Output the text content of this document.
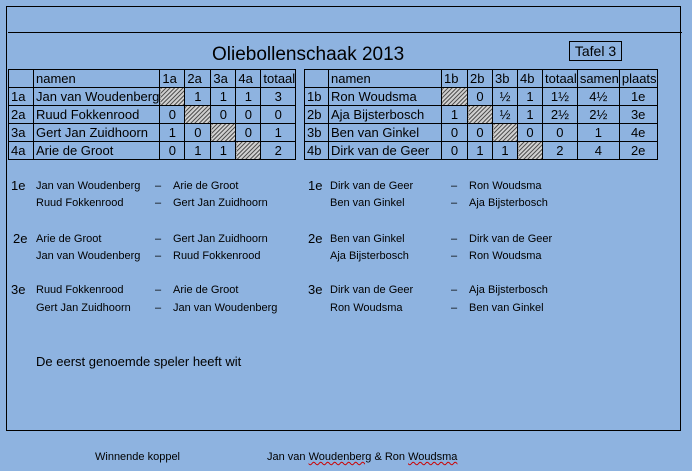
Oliebollenschaak 2013	Tafel 3
	namen	1a	2a	3a	4a	totaal
1a	Jan van Woudenberg		1	1	1	3
2a	Ruud Fokkenrood	0		0	0	0
3a	Gert Jan Zuidhoorn	1	0		0	1
4a	Arie de Groot	0	1	1		2
	namen	1b	2b	3b	4b	totaal	samen	plaats
1b	Ron Woudsma		0	½	1	1½	4½	1e
2b	Aja Bijsterbosch	1		½	1	2½	2½	3e
3b	Ben van Ginkel	0	0		0	0	1	4e
4b	Dirk van de Geer	0	1	1		2	4	2e
1e Jan van Woudenberg – Arie de Groot
Ruud Fokkenrood	– Gert Jan Zuidhoorn
1e Dirk van de Geer	– Ron Woudsma
Ben van Ginkel	– Aja Bijsterbosch
2e Arie de Groot	– Gert Jan Zuidhoorn
Jan van Woudenberg – Ruud Fokkenrood
2e Ben van Ginkel	– Dirk van de Geer
Aja Bijsterbosch	– Ron Woudsma
3e Ruud Fokkenrood	– Arie de Groot
Gert Jan Zuidhoorn – Jan van Woudenberg
3e Dirk van de Geer	– Aja Bijsterbosch
Ron Woudsma	– Ben van Ginkel
De eerst genoemde speler heeft wit
Winnende koppel	Jan van Woudenberg & Ron Woudsma
